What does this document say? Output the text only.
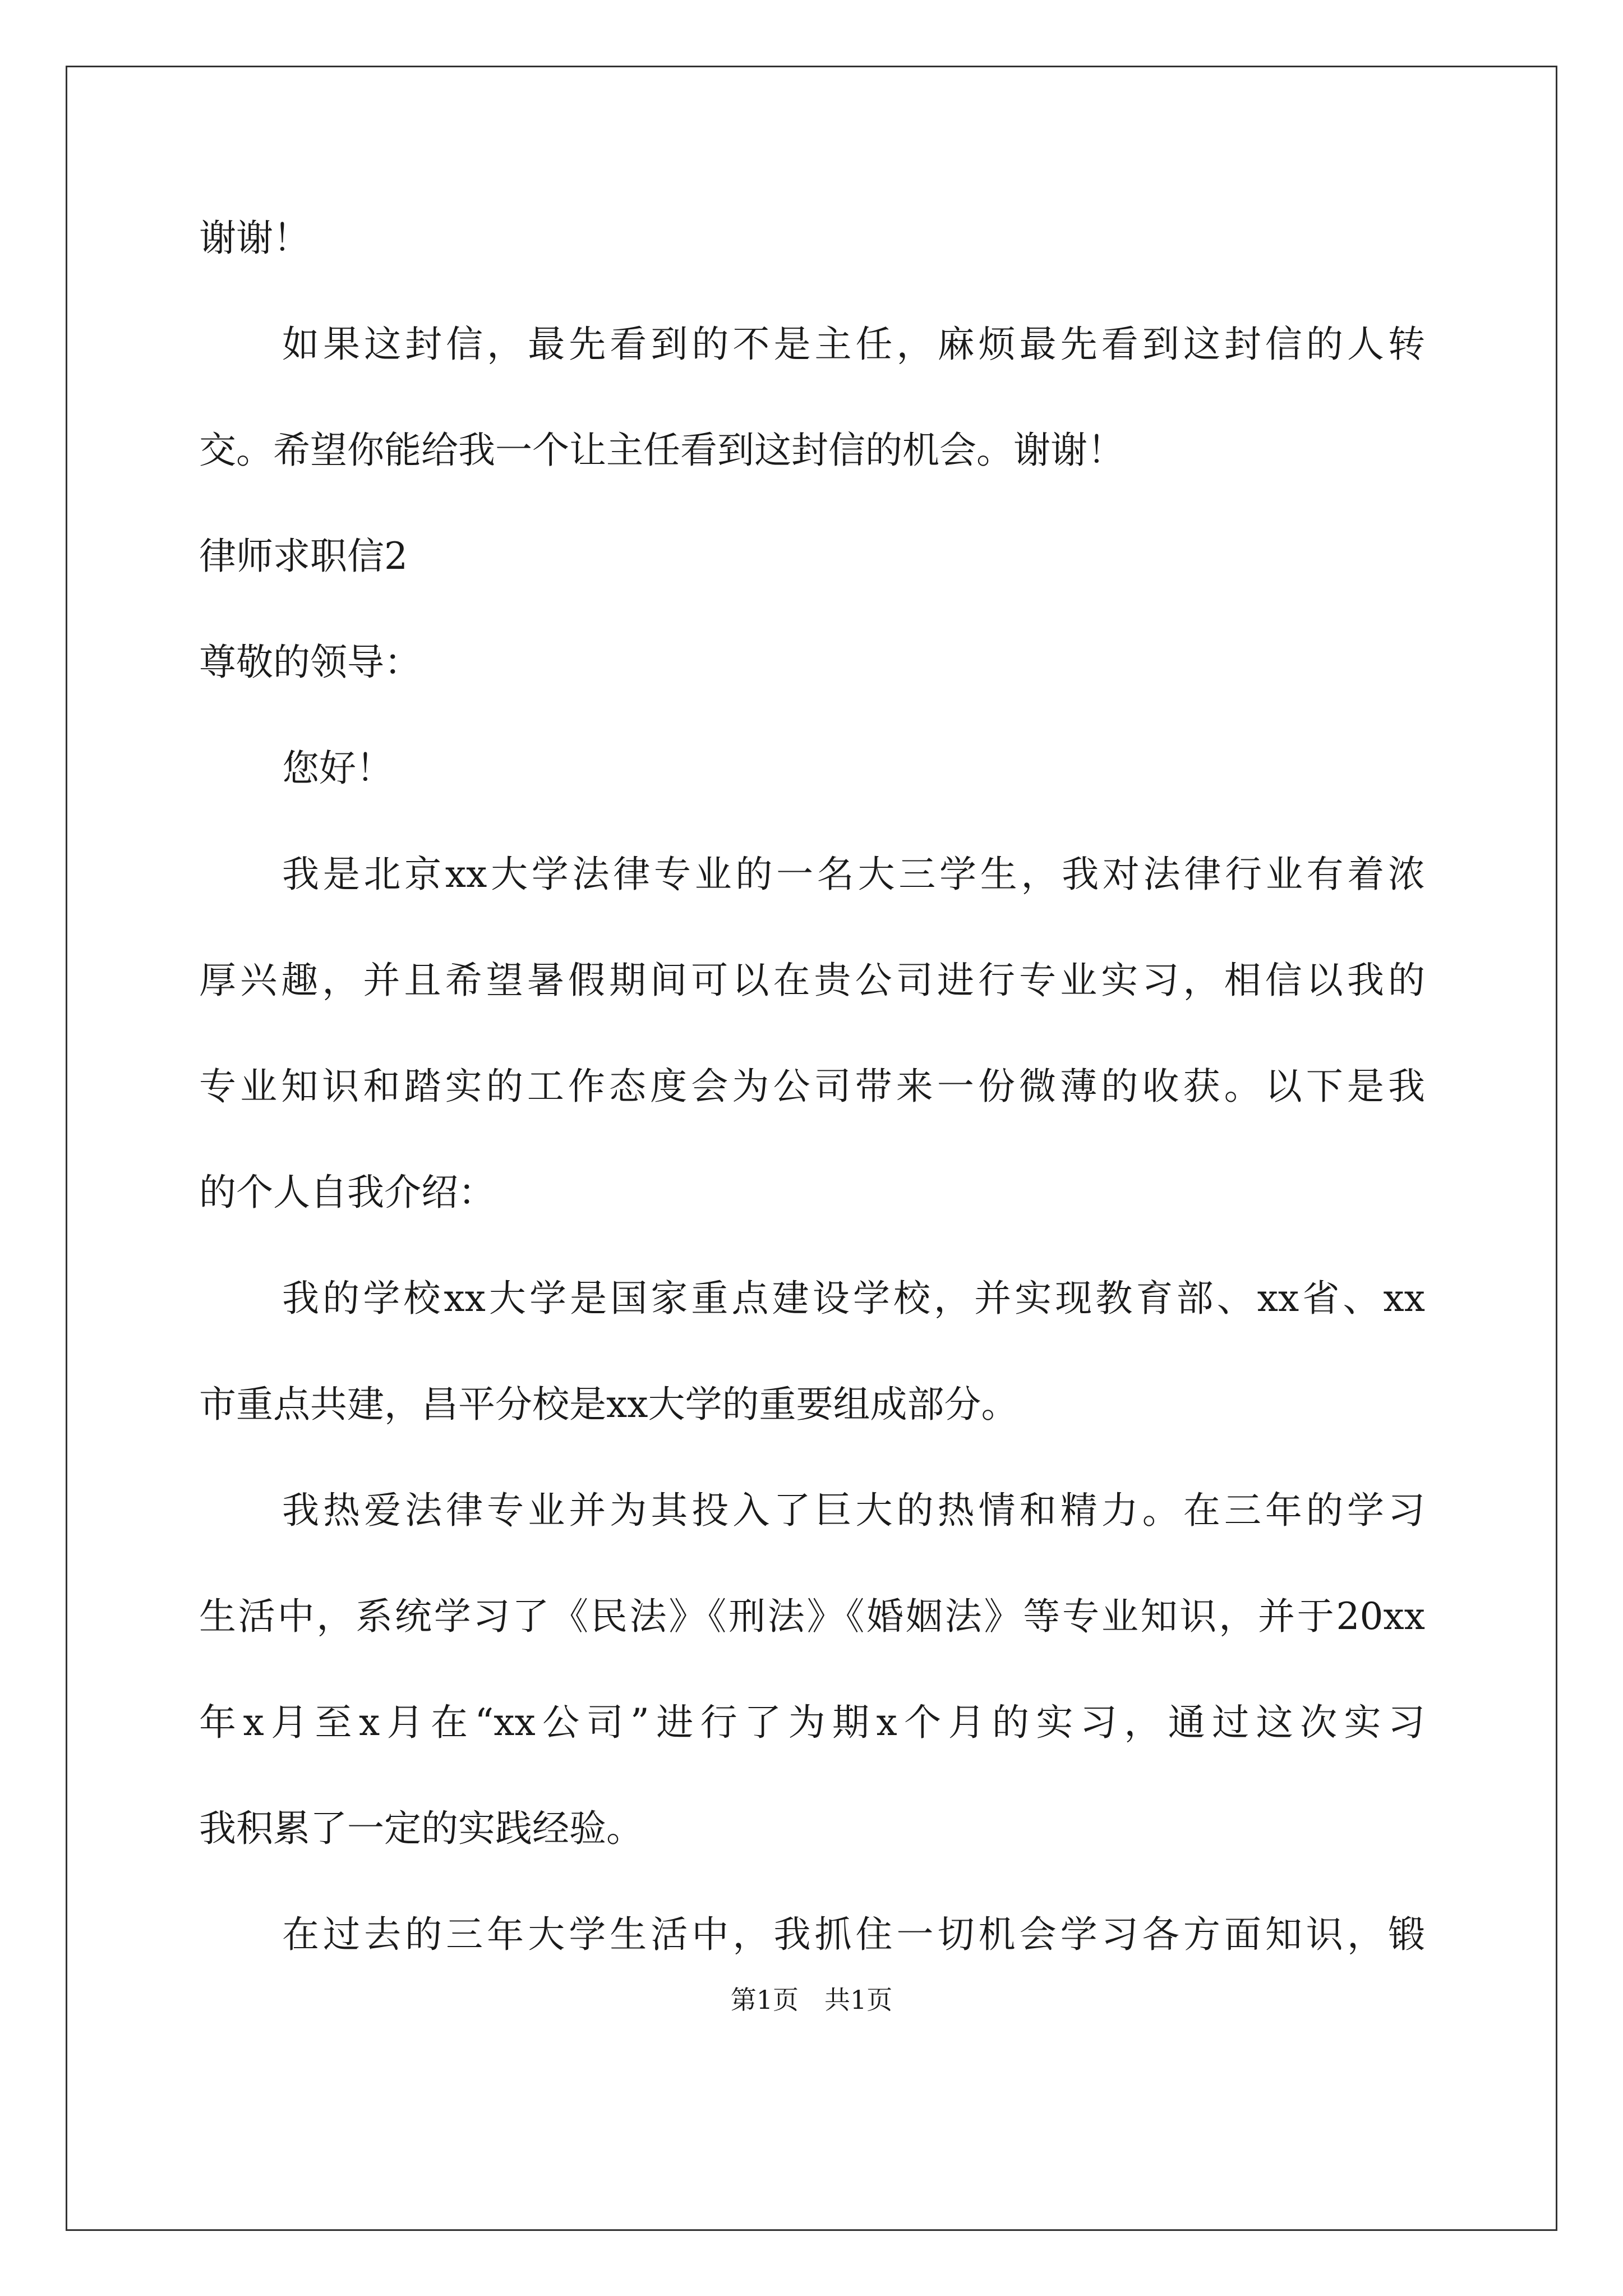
谢谢！
如果这封信，最先看到的不是主任，麻烦最先看到这封信的人转
交。希望你能给我一个让主任看到这封信的机会。谢谢！
律师求职信2
尊敬的领导：
您好！
我是北京xx大学法律专业的一名大三学生，我对法律行业有着浓
厚兴趣，并且希望暑假期间可以在贵公司进行专业实习，相信以我的
专业知识和踏实的工作态度会为公司带来一份微薄的收获。以下是我
的个人自我介绍：
我的学校xx大学是国家重点建设学校，并实现教育部、xx省、xx
市重点共建，昌平分校是xx大学的重要组成部分。
我热爱法律专业并为其投入了巨大的热情和精力。在三年的学习
生活中，系统学习了《民法》《刑法》《婚姻法》等专业知识，并于20xx
年x月至x月在“xx公司”进行了为期x个月的实习，通过这次实习
我积累了一定的实践经验。
在过去的三年大学生活中，我抓住一切机会学习各方面知识，锻
第1页　共1页
